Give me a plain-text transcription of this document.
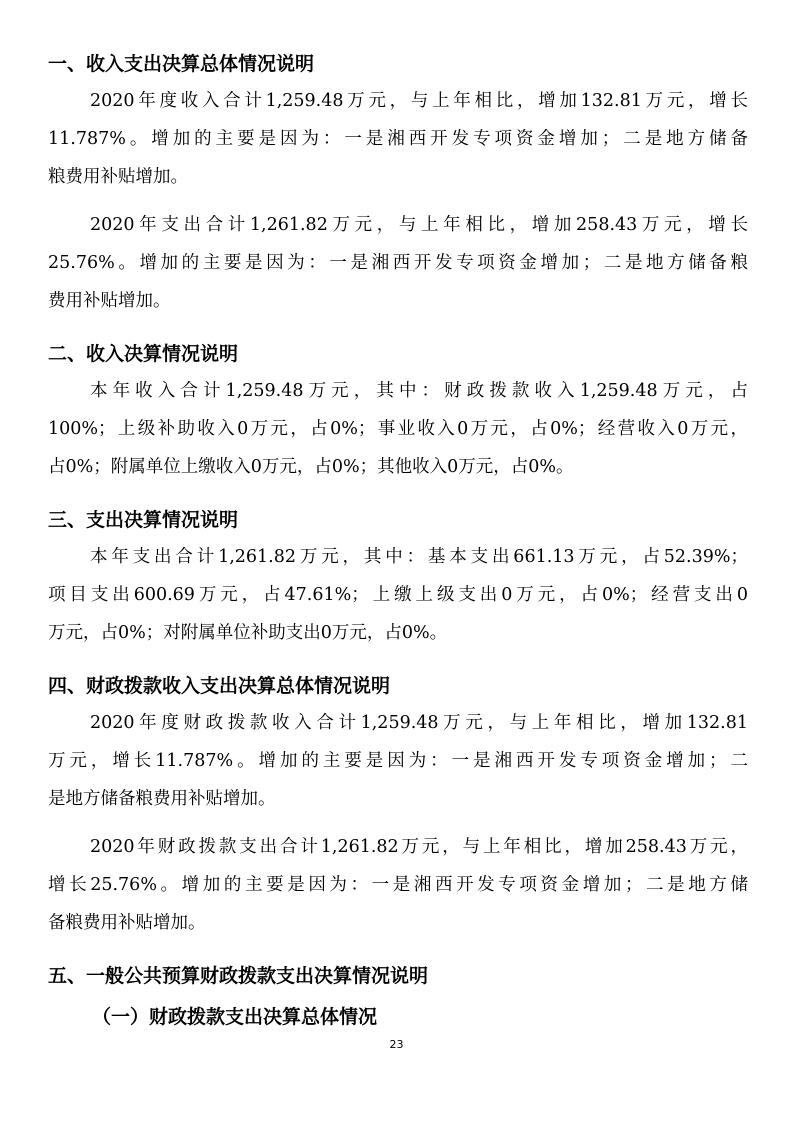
一、收入支出决算总体情况说明

2020年度收入合计1,259.48万元，与上年相比，增加132.81万元，增长
11.787%。增加的主要是因为：一是湘西开发专项资金增加；二是地方储备
粮费用补贴增加。

2020年支出合计1,261.82万元，与上年相比，增加258.43万元，增长
25.76%。增加的主要是因为：一是湘西开发专项资金增加；二是地方储备粮
费用补贴增加。

二、收入决算情况说明

本年收入合计1,259.48万元，其中：财政拨款收入1,259.48万元，占
100%；上级补助收入0万元，占0%；事业收入0万元，占0%；经营收入0万元，
占0%；附属单位上缴收入0万元，占0%；其他收入0万元，占0%。

三、支出决算情况说明

本年支出合计1,261.82万元，其中：基本支出661.13万元，占52.39%；
项目支出600.69万元，占47.61%；上缴上级支出0万元，占0%；经营支出0
万元，占0%；对附属单位补助支出0万元，占0%。

四、财政拨款收入支出决算总体情况说明

2020年度财政拨款收入合计1,259.48万元，与上年相比，增加132.81
万元，增长11.787%。增加的主要是因为：一是湘西开发专项资金增加；二
是地方储备粮费用补贴增加。

2020年财政拨款支出合计1,261.82万元，与上年相比，增加258.43万元，
增长25.76%。增加的主要是因为：一是湘西开发专项资金增加；二是地方储
备粮费用补贴增加。

五、一般公共预算财政拨款支出决算情况说明
（一）财政拨款支出决算总体情况
23
